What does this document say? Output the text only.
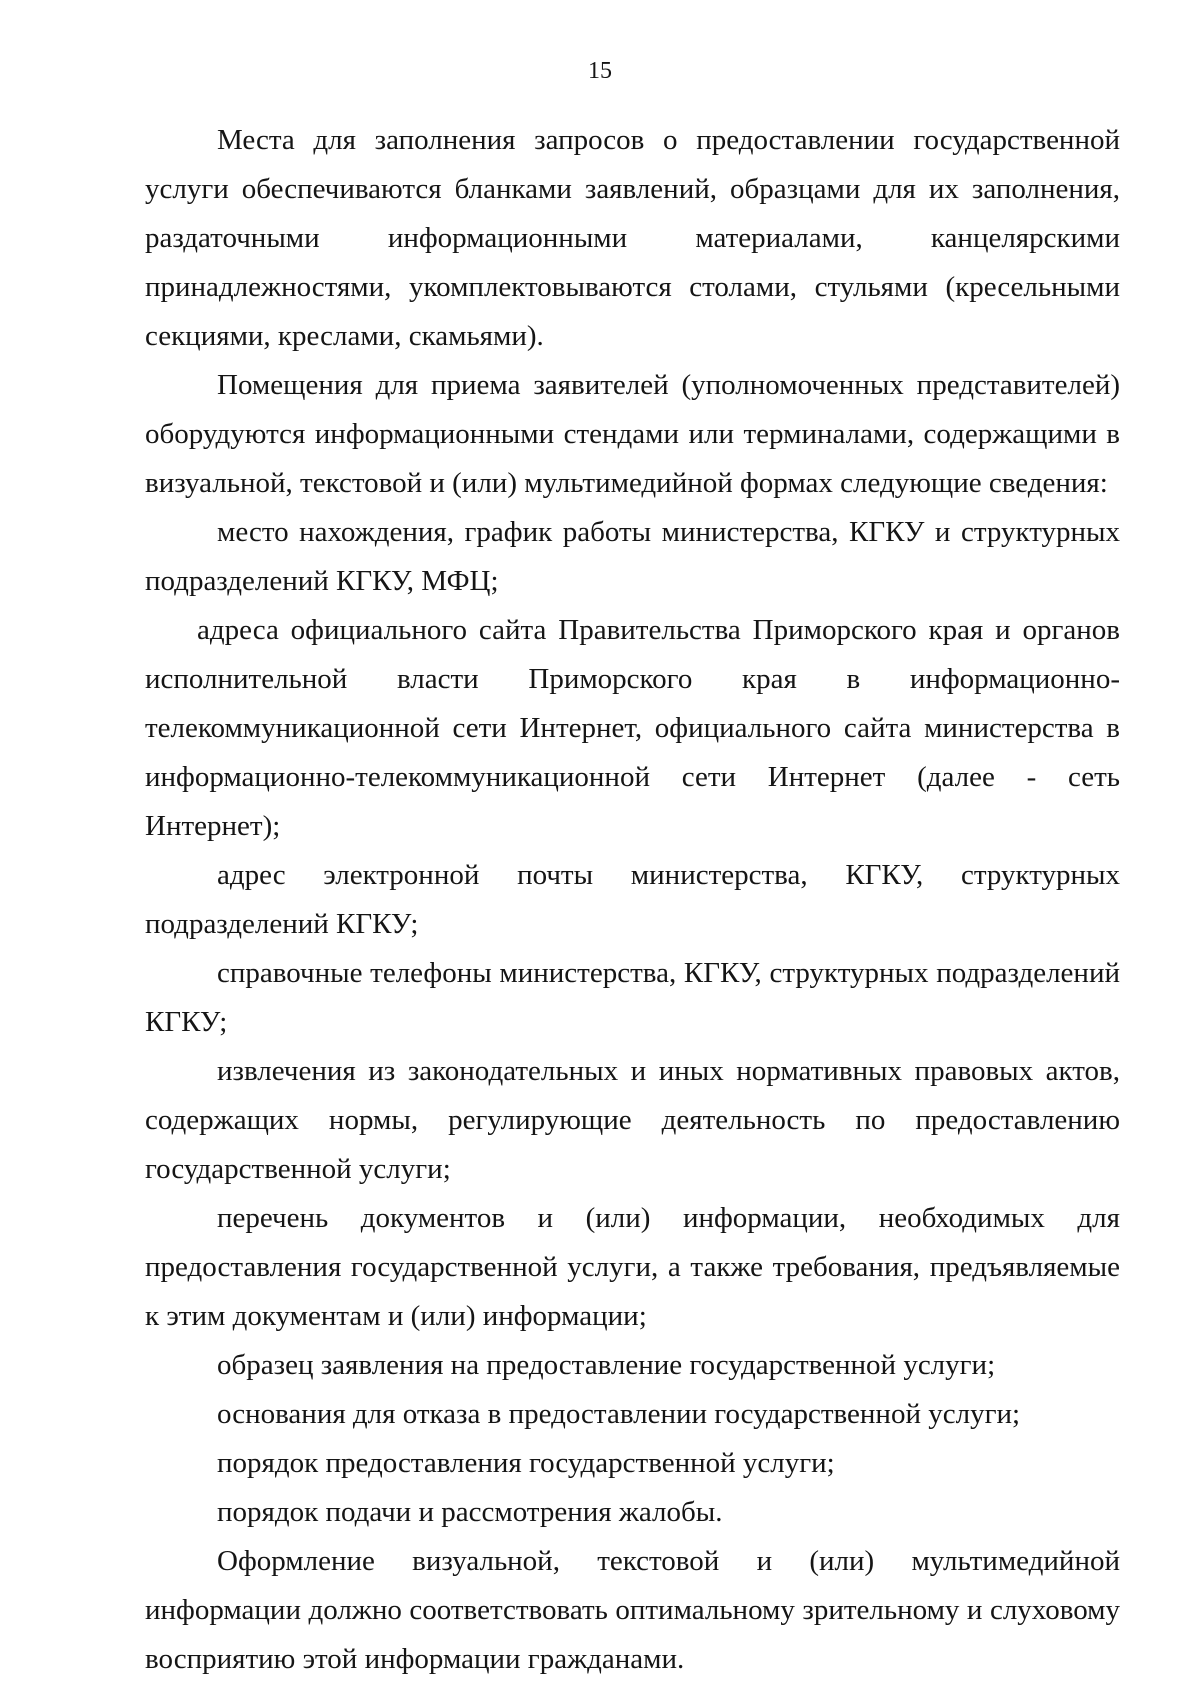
15

Места для заполнения запросов о предоставлении государственной услуги обеспечиваются бланками заявлений, образцами для их заполнения, раздаточными информационными материалами, канцелярскими принадлежностями, укомплектовываются столами, стульями (кресельными секциями, креслами, скамьями).

Помещения для приема заявителей (уполномоченных представителей) оборудуются информационными стендами или терминалами, содержащими в визуальной, текстовой и (или) мультимедийной формах следующие сведения:

место нахождения, график работы министерства, КГКУ и структурных подразделений КГКУ, МФЦ;

адреса официального сайта Правительства Приморского края и органов исполнительной власти Приморского края в информационно-телекоммуникационной сети Интернет, официального сайта министерства в информационно-телекоммуникационной сети Интернет (далее - сеть Интернет);

адрес электронной почты министерства, КГКУ, структурных подразделений КГКУ;

справочные телефоны министерства, КГКУ, структурных подразделений КГКУ;

извлечения из законодательных и иных нормативных правовых актов, содержащих нормы, регулирующие деятельность по предоставлению государственной услуги;

перечень документов и (или) информации, необходимых для предоставления государственной услуги, а также требования, предъявляемые к этим документам и (или) информации;

образец заявления на предоставление государственной услуги;

основания для отказа в предоставлении государственной услуги;

порядок предоставления государственной услуги;

порядок подачи и рассмотрения жалобы.

Оформление визуальной, текстовой и (или) мультимедийной информации должно соответствовать оптимальному зрительному и слуховому восприятию этой информации гражданами.
